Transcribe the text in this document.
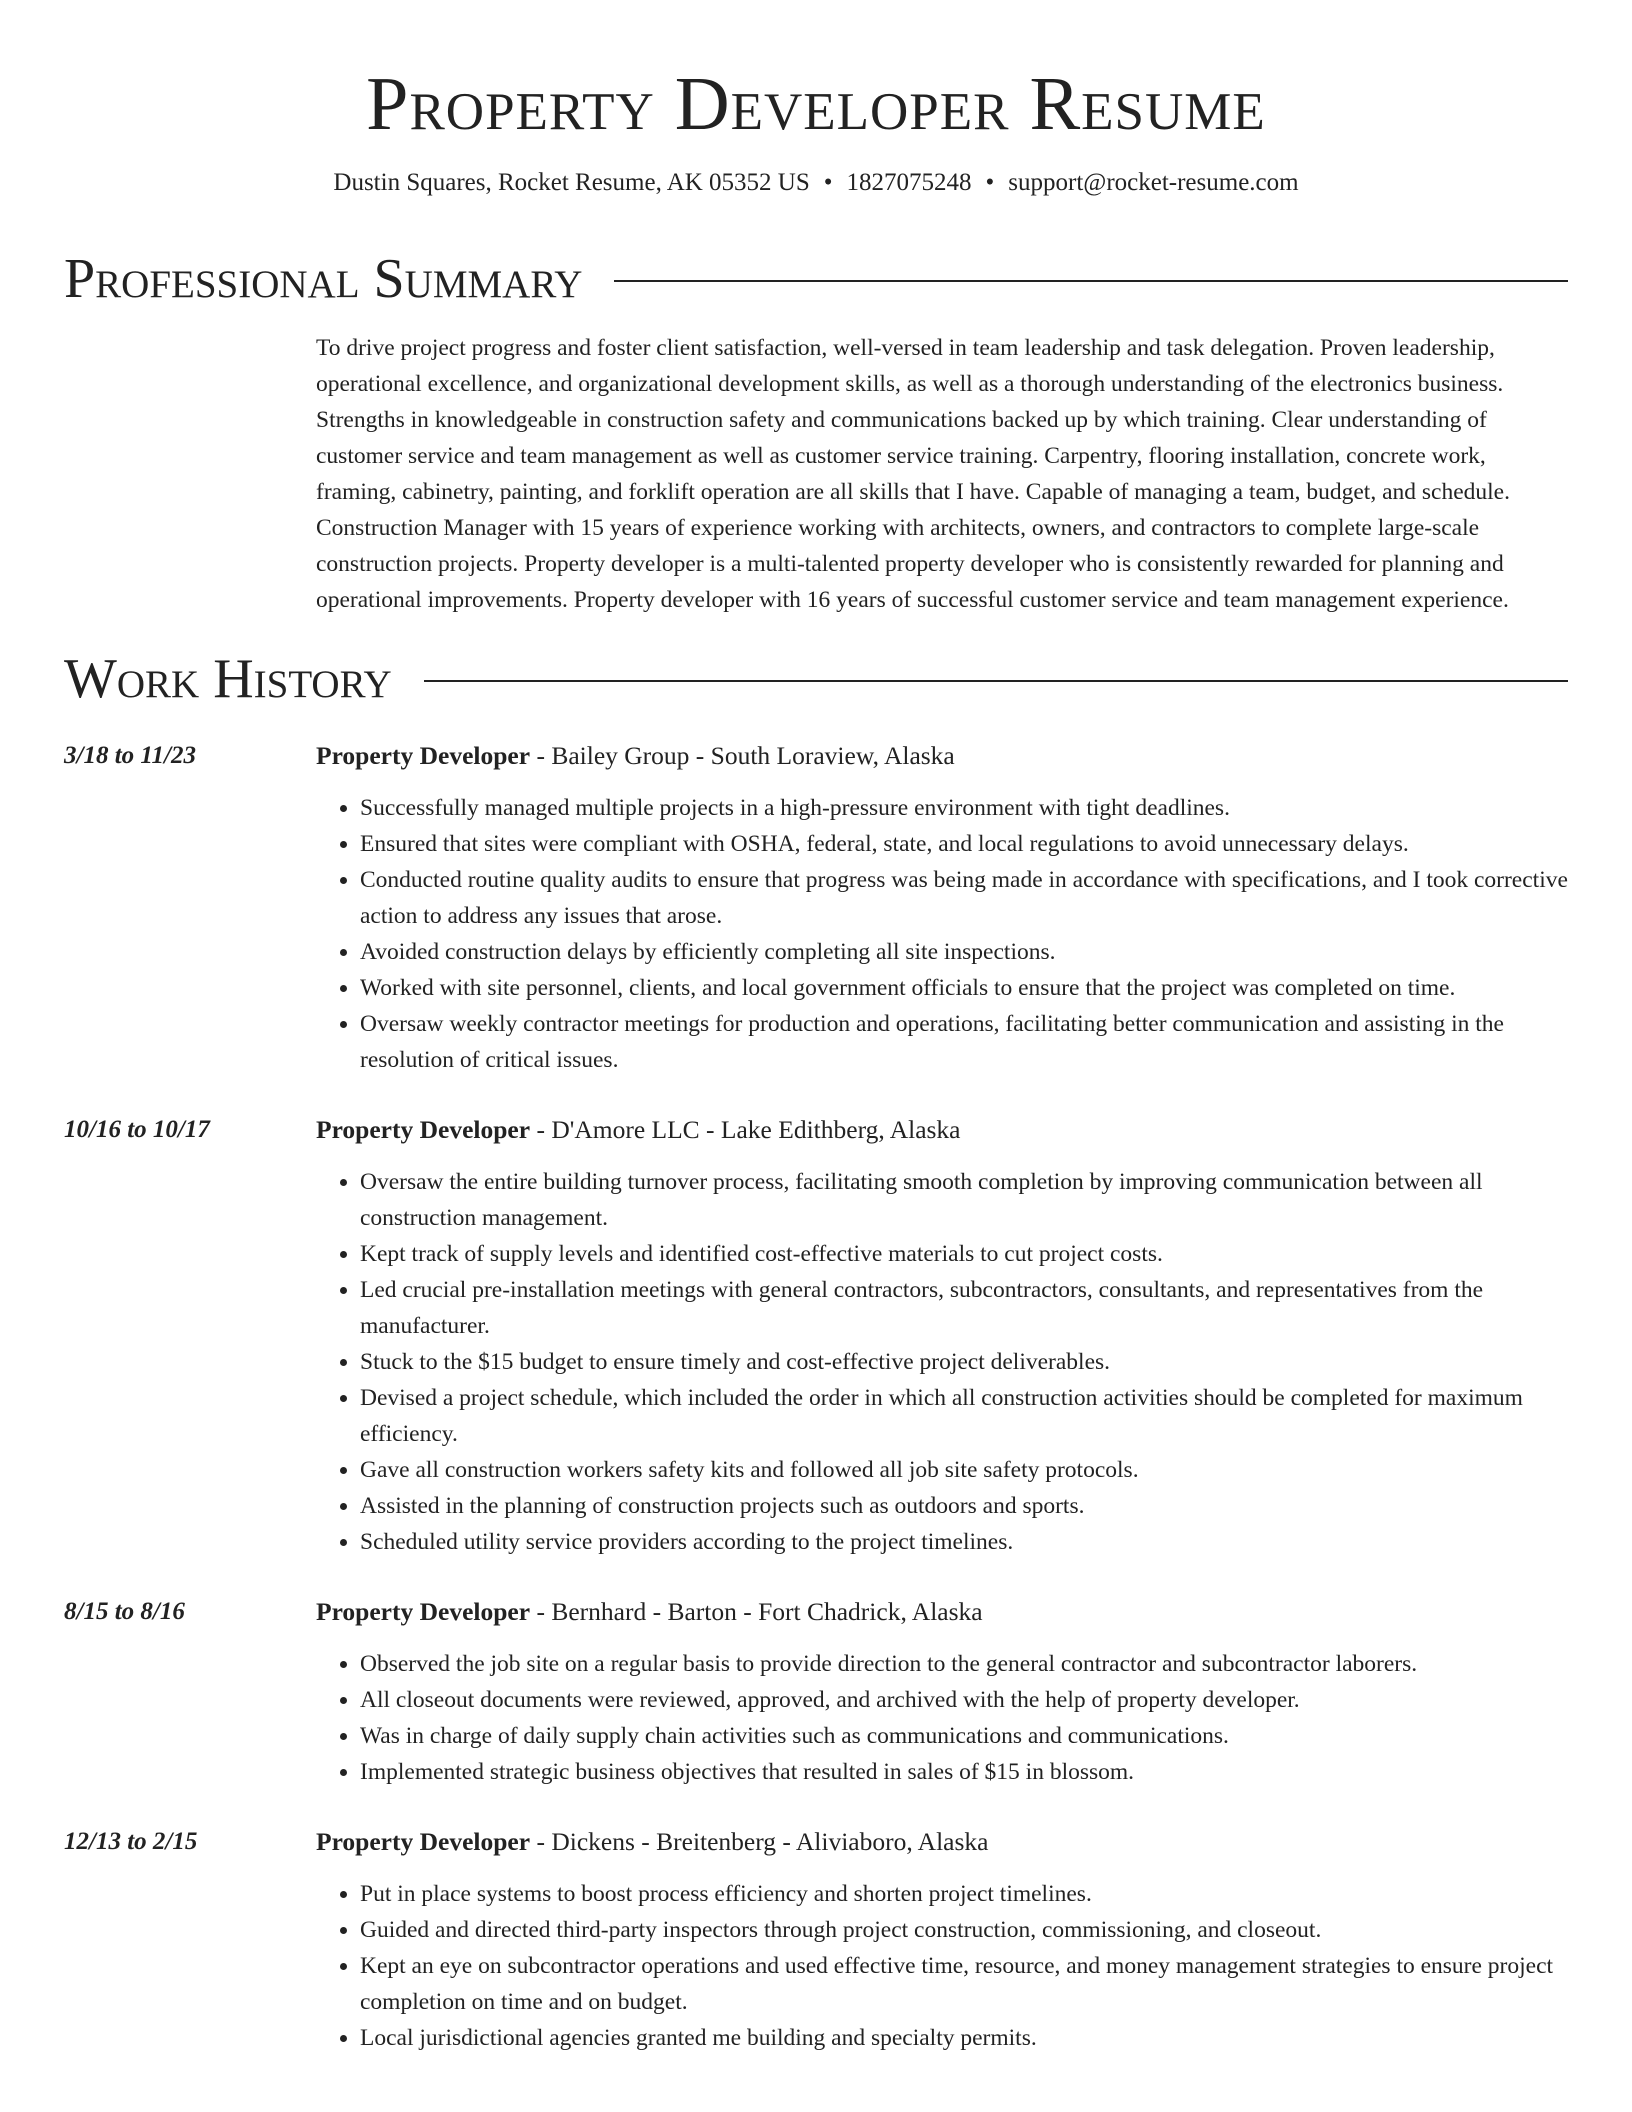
Property Developer Resume
Dustin Squares, Rocket Resume, AK 05352 US • 1827075248 • support@rocket-resume.com
Professional Summary

To drive project progress and foster client satisfaction, well-versed in team leadership and task delegation. Proven leadership, operational excellence, and organizational development skills, as well as a thorough understanding of the electronics business. Strengths in knowledgeable in construction safety and communications backed up by which training. Clear understanding of customer service and team management as well as customer service training. Carpentry, flooring installation, concrete work, framing, cabinetry, painting, and forklift operation are all skills that I have. Capable of managing a team, budget, and schedule. Construction Manager with 15 years of experience working with architects, owners, and contractors to complete large-scale construction projects. Property developer is a multi-talented property developer who is consistently rewarded for planning and operational improvements. Property developer with 16 years of successful customer service and team management experience.

Work History
3/18 to 11/23	Property Developer - Bailey Group - South Loraview, Alaska
• Successfully managed multiple projects in a high-pressure environment with tight deadlines.
• Ensured that sites were compliant with OSHA, federal, state, and local regulations to avoid unnecessary delays.
• Conducted routine quality audits to ensure that progress was being made in accordance with specifications, and I took corrective action to address any issues that arose.
• Avoided construction delays by efficiently completing all site inspections.
• Worked with site personnel, clients, and local government officials to ensure that the project was completed on time.
• Oversaw weekly contractor meetings for production and operations, facilitating better communication and assisting in the resolution of critical issues.
10/16 to 10/17	Property Developer - D'Amore LLC - Lake Edithberg, Alaska
• Oversaw the entire building turnover process, facilitating smooth completion by improving communication between all construction management.
• Kept track of supply levels and identified cost-effective materials to cut project costs.
• Led crucial pre-installation meetings with general contractors, subcontractors, consultants, and representatives from the manufacturer.
• Stuck to the $15 budget to ensure timely and cost-effective project deliverables.
• Devised a project schedule, which included the order in which all construction activities should be completed for maximum efficiency.
• Gave all construction workers safety kits and followed all job site safety protocols.
• Assisted in the planning of construction projects such as outdoors and sports.
• Scheduled utility service providers according to the project timelines.
8/15 to 8/16	Property Developer - Bernhard - Barton - Fort Chadrick, Alaska
• Observed the job site on a regular basis to provide direction to the general contractor and subcontractor laborers.
• All closeout documents were reviewed, approved, and archived with the help of property developer.
• Was in charge of daily supply chain activities such as communications and communications.
• Implemented strategic business objectives that resulted in sales of $15 in blossom.
12/13 to 2/15	Property Developer - Dickens - Breitenberg - Aliviaboro, Alaska
• Put in place systems to boost process efficiency and shorten project timelines.
• Guided and directed third-party inspectors through project construction, commissioning, and closeout.
• Kept an eye on subcontractor operations and used effective time, resource, and money management strategies to ensure project completion on time and on budget.
• Local jurisdictional agencies granted me building and specialty permits.
